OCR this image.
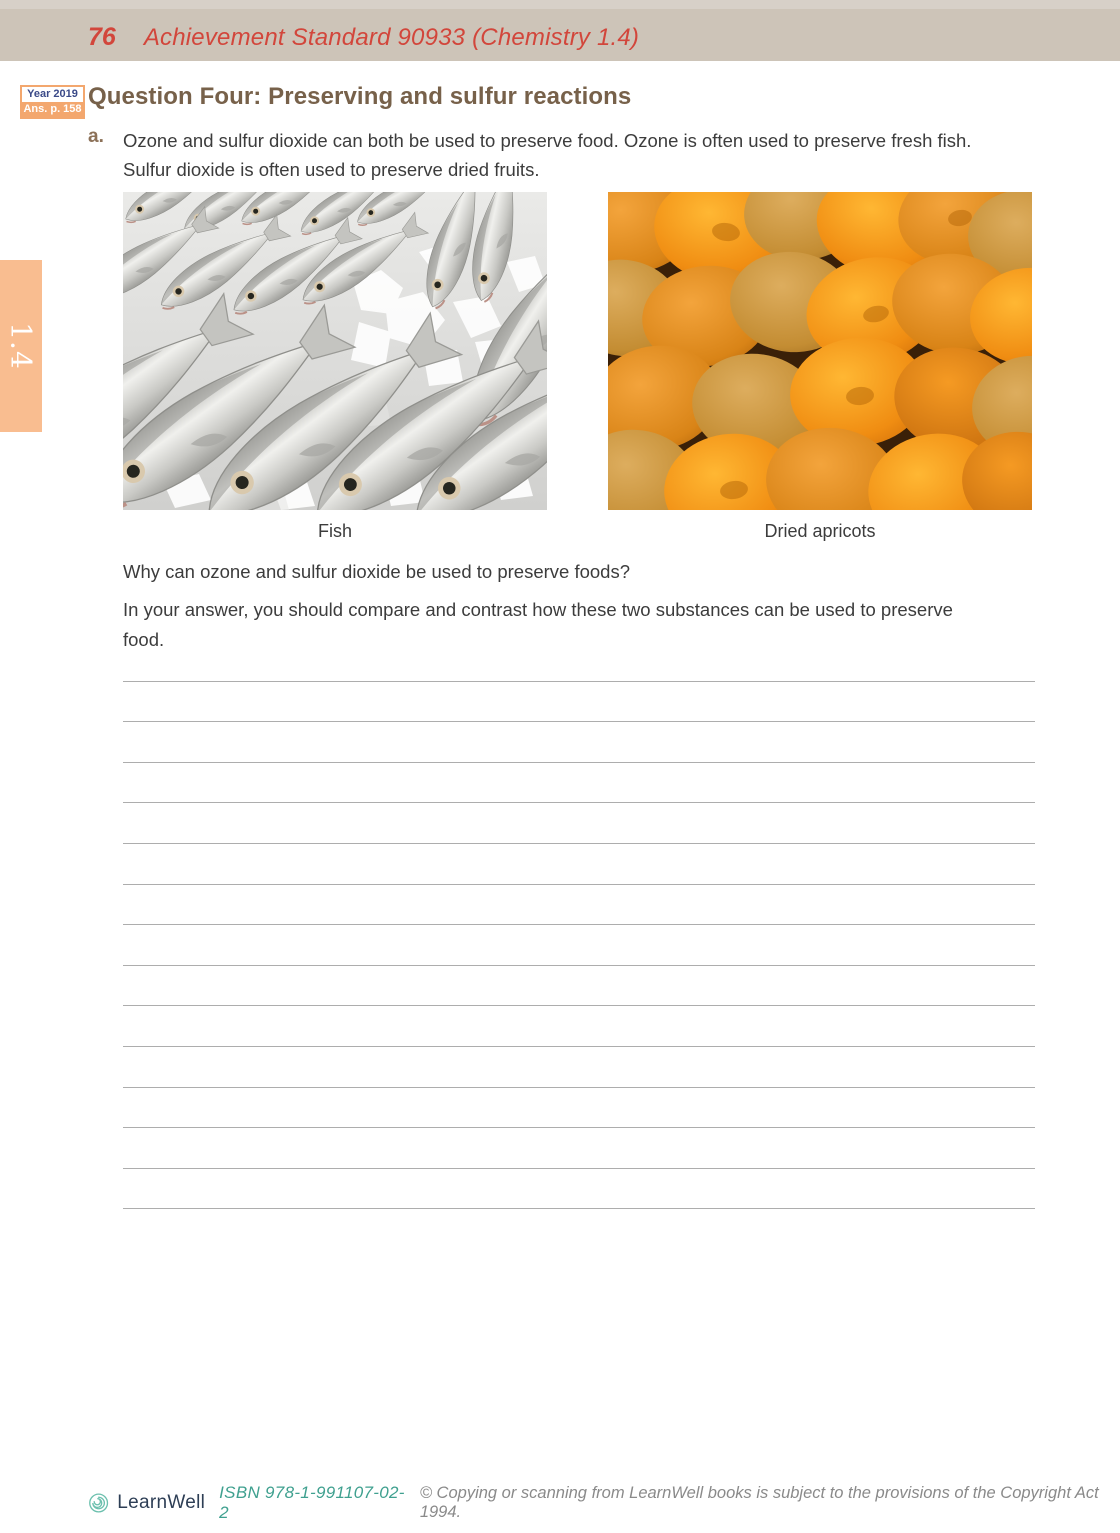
76 Achievement Standard 90933 (Chemistry 1.4)
1.4
Year 2019
Ans. p. 158 Question Four: Preserving and sulfur reactions
a.	Ozone and sulfur dioxide can both be used to preserve food. Ozone is often used to preserve fresh fish.
Sulfur dioxide is often used to preserve dried fruits.
Fish	Dried apricots

Why can ozone and sulfur dioxide be used to preserve foods?

In your answer, you should compare and contrast how these two substances can be used to preserve
food.

LearnWell ISBN 978-1-991107-02-2
© Copying or scanning from LearnWell books is subject to the provisions of the Copyright Act 1994.
